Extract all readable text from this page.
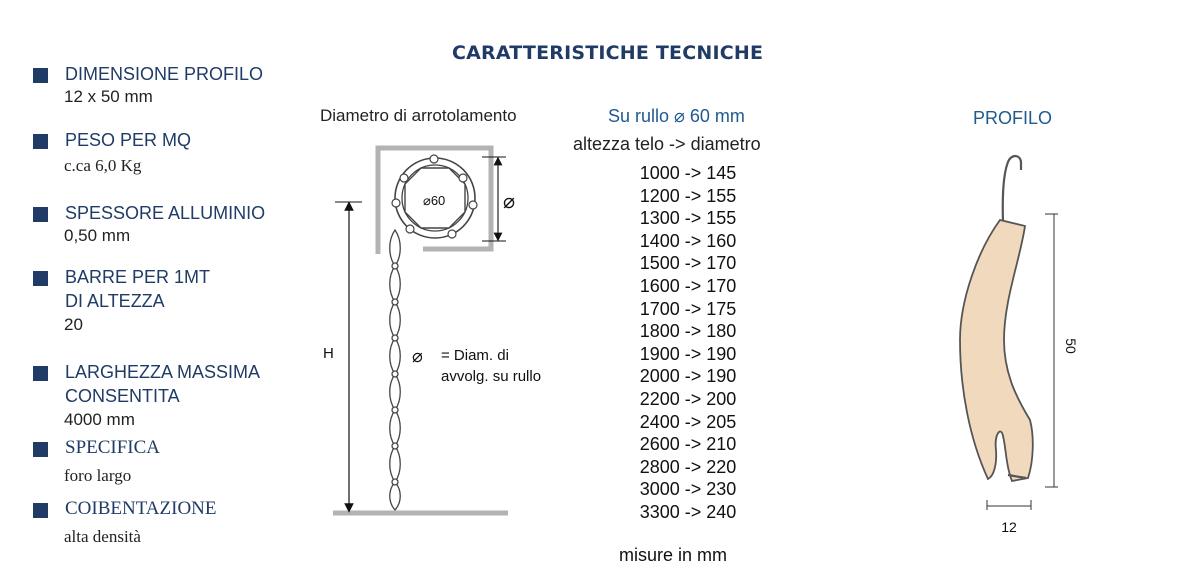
CARATTERISTICHE TECNICHE
DIMENSIONE PROFILO
12 x 50 mm
PESO PER MQ
c.ca 6,0 Kg
SPESSORE ALLUMINIO
0,50 mm
BARRE PER 1MT
DI ALTEZZA
20
LARGHEZZA MASSIMA
CONSENTITA
4000 mm
SPECIFICA
foro largo
COIBENTAZIONE
alta densità
Diametro di arrotolamento	Su rullo ⌀ 60 mm
altezza telo -> diametro
1000 -> 145
1200 -> 155
1300 -> 155
1400 -> 160
1500 -> 170
1600 -> 170
1700 -> 175
1800 -> 180
1900 -> 190
2000 -> 190
2200 -> 200
2400 -> 205
2600 -> 210
2800 -> 220
3000 -> 230
3300 -> 240
misure in mm
PROFILO
= Diam. di
avvolg. su rullo
H
⌀
⌀60
⌀	50
12
